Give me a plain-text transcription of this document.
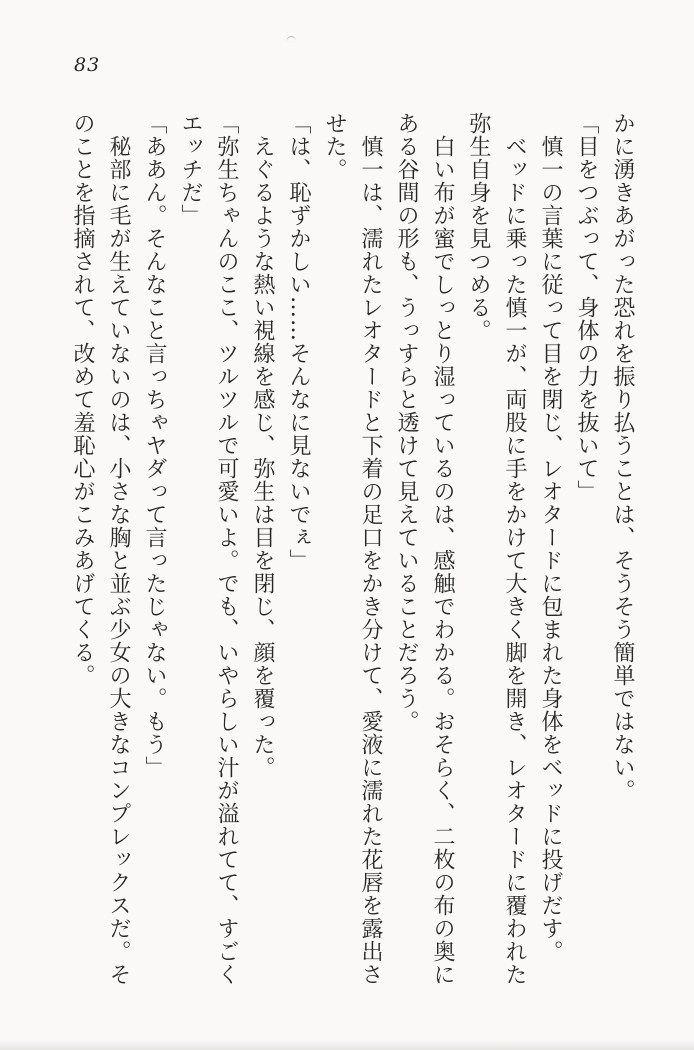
83

かに湧きあがった恐れを振り払うことは、そうそう簡単ではない。

「目をつぶって、身体の力を抜いて」

慎一の言葉に従って目を閉じ、レオタードに包まれた身体をベッドに投げだす。

ベッドに乗った慎一が、両股に手をかけて大きく脚を開き、レオタードに覆われた弥生自身を見つめる。

白い布が蜜でしっとり湿っているのは、感触でわかる。おそらく、二枚の布の奥にある谷間の形も、うっすらと透けて見えていることだろう。

慎一は、濡れたレオタードと下着の足口をかき分けて、愛液に濡れた花唇を露出させた。

「は、恥ずかしい……そんなに見ないでぇ」

えぐるような熱い視線を感じ、弥生は目を閉じ、顔を覆った。

「弥生ちゃんのここ、ツルツルで可愛いよ。でも、いやらしい汁が溢れてて、すごくエッチだ」

「ああん。そんなこと言っちゃヤダって言ったじゃない。もう」

秘部に毛が生えていないのは、小さな胸と並ぶ少女の大きなコンプレックスだ。そのことを指摘されて、改めて羞恥心がこみあげてくる。
